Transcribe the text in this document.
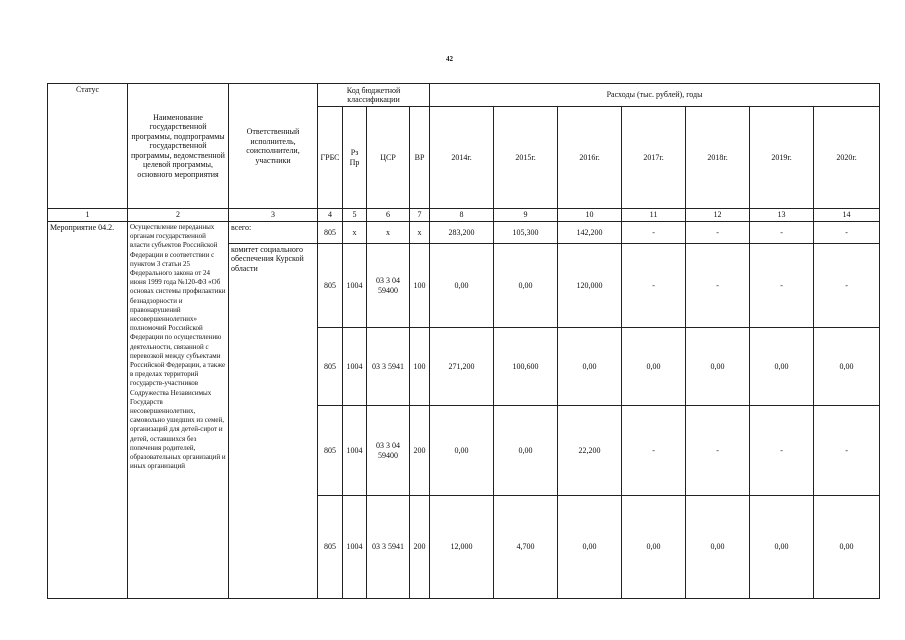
42
Статус	Наименование государственной программы, подпрограммы государственной программы, ведомственной целевой программы, основного мероприятия	Ответственный исполнитель, соисполнители, участники	Код бюджетной классификации				Расходы (тыс. рублей), годы						
			ГРБС	Рз Пр	ЦСР	ВР	2014г.	2015г.	2016г.	2017г.	2018г.	2019г.	2020г.
1	2	3	4	5	6	7	8	9	10	11	12	13	14
Мероприятие 04.2.	Осуществление переданных органам государственной власти субъектов Российской Федерации в соответствии с пунктом 3 статьи 25 Федерального закона от 24 июня 1999 года №120-ФЗ «Об основах системы профилактики безнадзорности и правонарушений несовершеннолетних» полномочий Российской Федерации по осуществлению деятельности, связанной с перевозкой между субъектами Российской Федерации, а также в пределах территорий государств-участников Содружества Независимых Государств несовершеннолетних, самовольно ушедших из семей, организаций для детей-сирот и детей, оставшихся без попечения родителей, образовательных организаций и иных организаций	всего:	805	х	х	х	283,200	105,300	142,200	-	-	-	-
		комитет социального обеспечения Курской области	805	1004	03 3 04 59400	100	0,00	0,00	120,000	-	-	-	-
			805	1004	03 3 5941	100	271,200	100,600	0,00	0,00	0,00	0,00	0,00
			805	1004	03 3 04 59400	200	0,00	0,00	22,200	-	-	-	-
			805	1004	03 3 5941	200	12,000	4,700	0,00	0,00	0,00	0,00	0,00
